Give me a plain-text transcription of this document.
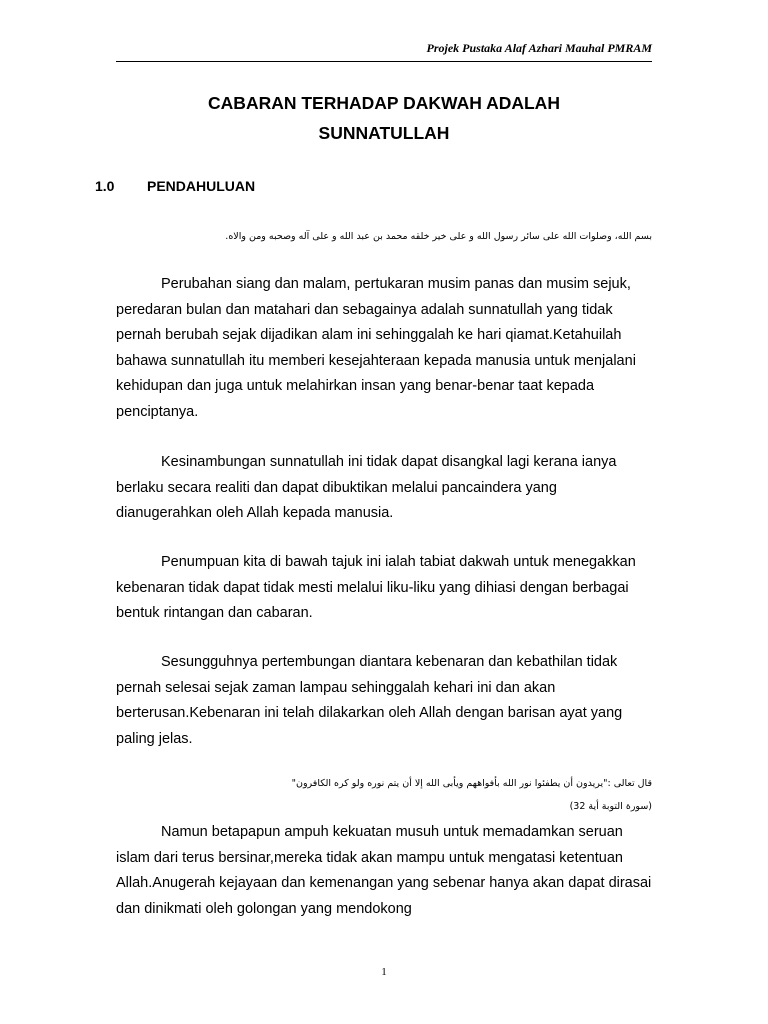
Projek Pustaka Alaf Azhari Mauhal PMRAM
CABARAN TERHADAP DAKWAH ADALAH
SUNNATULLAH
1.0 PENDAHULUAN
بسم الله، وصلوات الله على سائر رسول الله و على خير خلقه محمد بن عبد الله و على آله وصحبه ومن والاه.

Perubahan siang dan malam, pertukaran musim panas dan musim sejuk, peredaran bulan dan matahari dan sebagainya adalah sunnatullah yang tidak pernah berubah sejak dijadikan alam ini sehinggalah ke hari qiamat.Ketahuilah bahawa sunnatullah itu memberi kesejahteraan kepada manusia untuk menjalani kehidupan dan juga untuk melahirkan insan yang benar-benar taat kepada penciptanya.

Kesinambungan sunnatullah ini tidak dapat disangkal lagi kerana ianya berlaku secara realiti dan dapat dibuktikan melalui pancaindera yang dianugerahkan oleh Allah kepada manusia.

Penumpuan kita di bawah tajuk ini ialah tabiat dakwah untuk menegakkan kebenaran tidak dapat tidak mesti melalui liku-liku yang dihiasi dengan berbagai bentuk rintangan dan cabaran.

Sesungguhnya pertembungan diantara kebenaran dan kebathilan tidak pernah selesai sejak zaman lampau sehinggalah kehari ini dan akan berterusan.Kebenaran ini telah dilakarkan oleh Allah dengan barisan ayat yang paling jelas.

قال تعالى :"يريدون أن يطفئوا نور الله بأفواههم ويأبى الله إلا أن يتم نوره ولو كره الكافرون"
(سورة التوبة أية 32)

Namun betapapun ampuh kekuatan musuh untuk memadamkan seruan islam dari terus bersinar,mereka tidak akan mampu untuk mengatasi ketentuan Allah.Anugerah kejayaan dan kemenangan yang sebenar hanya akan dapat dirasai dan dinikmati oleh golongan yang mendokong

1
